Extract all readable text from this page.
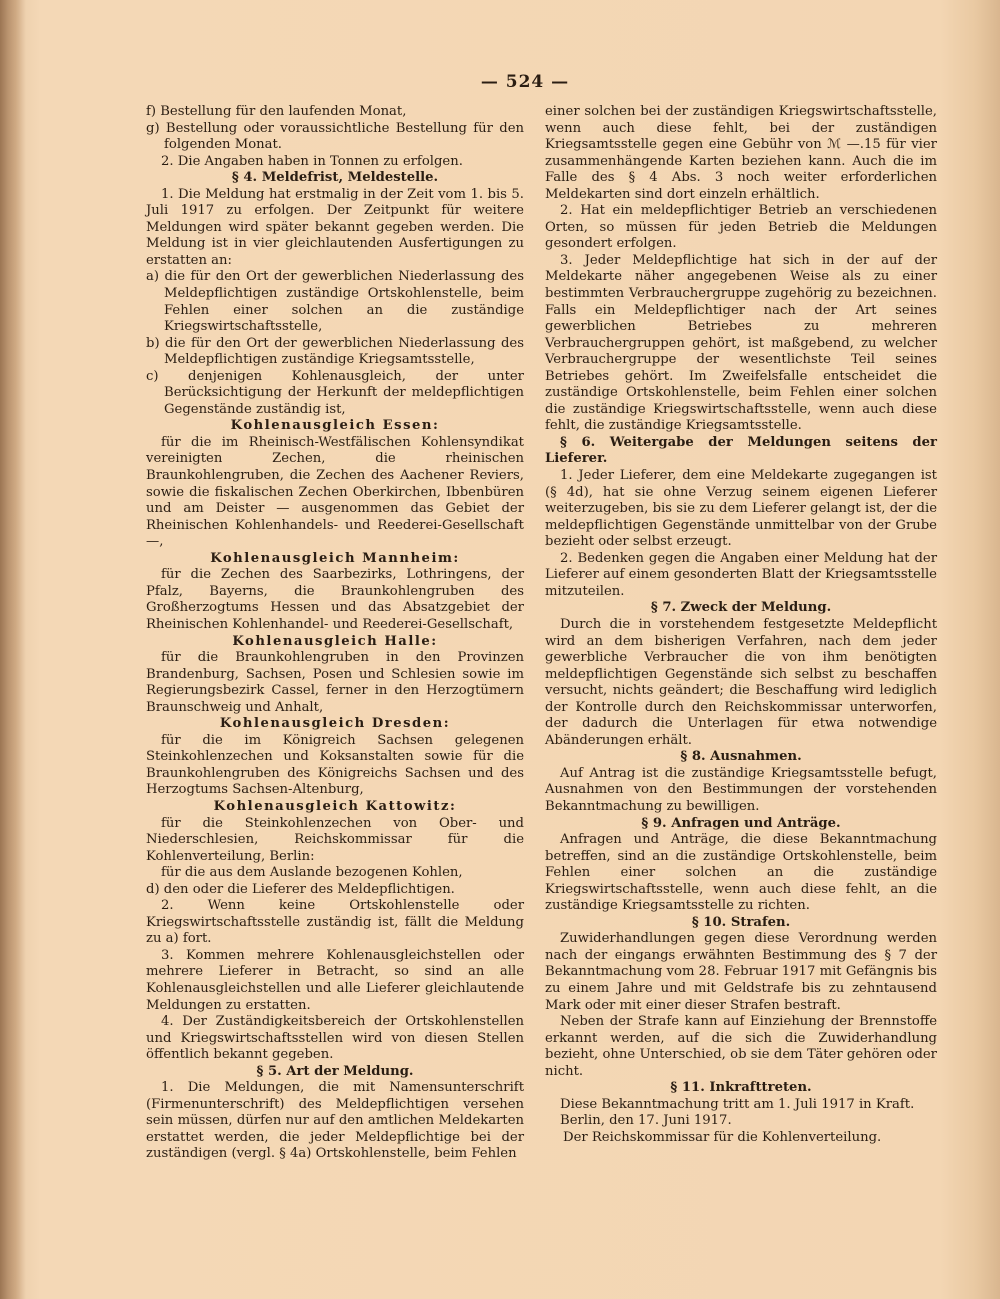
— 524 —

f) Bestellung für den laufenden Monat,

g) Bestellung oder voraussichtliche Bestellung für den folgenden Monat.

2. Die Angaben haben in Tonnen zu erfolgen.

§ 4. Meldefrist, Meldestelle.

1. Die Meldung hat erstmalig in der Zeit vom 1. bis 5. Juli 1917 zu erfolgen. Der Zeitpunkt für weitere Meldungen wird später bekannt gegeben werden. Die Meldung ist in vier gleichlautenden Ausfertigungen zu erstatten an:

a) die für den Ort der gewerblichen Niederlassung des Meldepflichtigen zuständige Ortskohlenstelle, beim Fehlen einer solchen an die zuständige Kriegswirtschaftsstelle,

b) die für den Ort der gewerblichen Niederlassung des Meldepflichtigen zuständige Kriegsamtsstelle,

c) denjenigen Kohlenausgleich, der unter Berücksichtigung der Herkunft der meldepflichtigen Gegenstände zuständig ist,

Kohlenausgleich Essen:

für die im Rheinisch-Westfälischen Kohlensyndikat vereinigten Zechen, die rheinischen Braunkohlengruben, die Zechen des Aachener Reviers, sowie die fiskalischen Zechen Oberkirchen, Ibbenbüren und am Deister — ausgenommen das Gebiet der Rheinischen Kohlenhandels- und Reederei-Gesellschaft —,

Kohlenausgleich Mannheim:

für die Zechen des Saarbezirks, Lothringens, der Pfalz, Bayerns, die Braunkohlengruben des Großherzogtums Hessen und das Absatzgebiet der Rheinischen Kohlenhandel- und Reederei-Gesellschaft,

Kohlenausgleich Halle:

für die Braunkohlengruben in den Provinzen Brandenburg, Sachsen, Posen und Schlesien sowie im Regierungsbezirk Cassel, ferner in den Herzogtümern Braunschweig und Anhalt,

Kohlenausgleich Dresden:

für die im Königreich Sachsen gelegenen Steinkohlenzechen und Koksanstalten sowie für die Braunkohlengruben des Königreichs Sachsen und des Herzogtums Sachsen-Altenburg,

Kohlenausgleich Kattowitz:

für die Steinkohlenzechen von Ober- und Niederschlesien, Reichskommissar für die Kohlenverteilung, Berlin:

für die aus dem Auslande bezogenen Kohlen,

d) den oder die Lieferer des Meldepflichtigen.

2. Wenn keine Ortskohlenstelle oder Kriegswirtschaftsstelle zuständig ist, fällt die Meldung zu a) fort.

3. Kommen mehrere Kohlenausgleichstellen oder mehrere Lieferer in Betracht, so sind an alle Kohlenausgleichstellen und alle Lieferer gleichlautende Meldungen zu erstatten.

4. Der Zuständigkeitsbereich der Ortskohlenstellen und Kriegswirtschaftsstellen wird von diesen Stellen öffentlich bekannt gegeben.

§ 5. Art der Meldung.

1. Die Meldungen, die mit Namensunterschrift (Firmenunterschrift) des Meldepflichtigen versehen sein müssen, dürfen nur auf den amtlichen Meldekarten erstattet werden, die jeder Meldepflichtige bei der zuständigen (vergl. § 4a) Ortskohlenstelle, beim Fehlen

einer solchen bei der zuständigen Kriegswirtschaftsstelle, wenn auch diese fehlt, bei der zuständigen Kriegsamtsstelle gegen eine Gebühr von ℳ —.15 für vier zusammenhängende Karten beziehen kann. Auch die im Falle des § 4 Abs. 3 noch weiter erforderlichen Meldekarten sind dort einzeln erhältlich.

2. Hat ein meldepflichtiger Betrieb an verschiedenen Orten, so müssen für jeden Betrieb die Meldungen gesondert erfolgen.

3. Jeder Meldepflichtige hat sich in der auf der Meldekarte näher angegebenen Weise als zu einer bestimmten Verbrauchergruppe zugehörig zu bezeichnen. Falls ein Meldepflichtiger nach der Art seines gewerblichen Betriebes zu mehreren Verbrauchergruppen gehört, ist maßgebend, zu welcher Verbrauchergruppe der wesentlichste Teil seines Betriebes gehört. Im Zweifelsfalle entscheidet die zuständige Ortskohlenstelle, beim Fehlen einer solchen die zuständige Kriegswirtschaftsstelle, wenn auch diese fehlt, die zuständige Kriegsamtsstelle.

§ 6. Weitergabe der Meldungen seitens der Lieferer.

1. Jeder Lieferer, dem eine Meldekarte zugegangen ist (§ 4d), hat sie ohne Verzug seinem eigenen Lieferer weiterzugeben, bis sie zu dem Lieferer gelangt ist, der die meldepflichtigen Gegenstände unmittelbar von der Grube bezieht oder selbst erzeugt.

2. Bedenken gegen die Angaben einer Meldung hat der Lieferer auf einem gesonderten Blatt der Kriegsamtsstelle mitzuteilen.

§ 7. Zweck der Meldung.

Durch die in vorstehendem festgesetzte Meldepflicht wird an dem bisherigen Verfahren, nach dem jeder gewerbliche Verbraucher die von ihm benötigten meldepflichtigen Gegenstände sich selbst zu beschaffen versucht, nichts geändert; die Beschaffung wird lediglich der Kontrolle durch den Reichskommissar unterworfen, der dadurch die Unterlagen für etwa notwendige Abänderungen erhält.

§ 8. Ausnahmen.

Auf Antrag ist die zuständige Kriegsamtsstelle befugt, Ausnahmen von den Bestimmungen der vorstehenden Bekanntmachung zu bewilligen.

§ 9. Anfragen und Anträge.

Anfragen und Anträge, die diese Bekanntmachung betreffen, sind an die zuständige Ortskohlenstelle, beim Fehlen einer solchen an die zuständige Kriegswirtschaftsstelle, wenn auch diese fehlt, an die zuständige Kriegsamtsstelle zu richten.

§ 10. Strafen.

Zuwiderhandlungen gegen diese Verordnung werden nach der eingangs erwähnten Bestimmung des § 7 der Bekanntmachung vom 28. Februar 1917 mit Gefängnis bis zu einem Jahre und mit Geldstrafe bis zu zehntausend Mark oder mit einer dieser Strafen bestraft.

Neben der Strafe kann auf Einziehung der Brennstoffe erkannt werden, auf die sich die Zuwiderhandlung bezieht, ohne Unterschied, ob sie dem Täter gehören oder nicht.

§ 11. Inkrafttreten.

Diese Bekanntmachung tritt am 1. Juli 1917 in Kraft.

Berlin, den 17. Juni 1917.

Der Reichskommissar für die Kohlenverteilung.
